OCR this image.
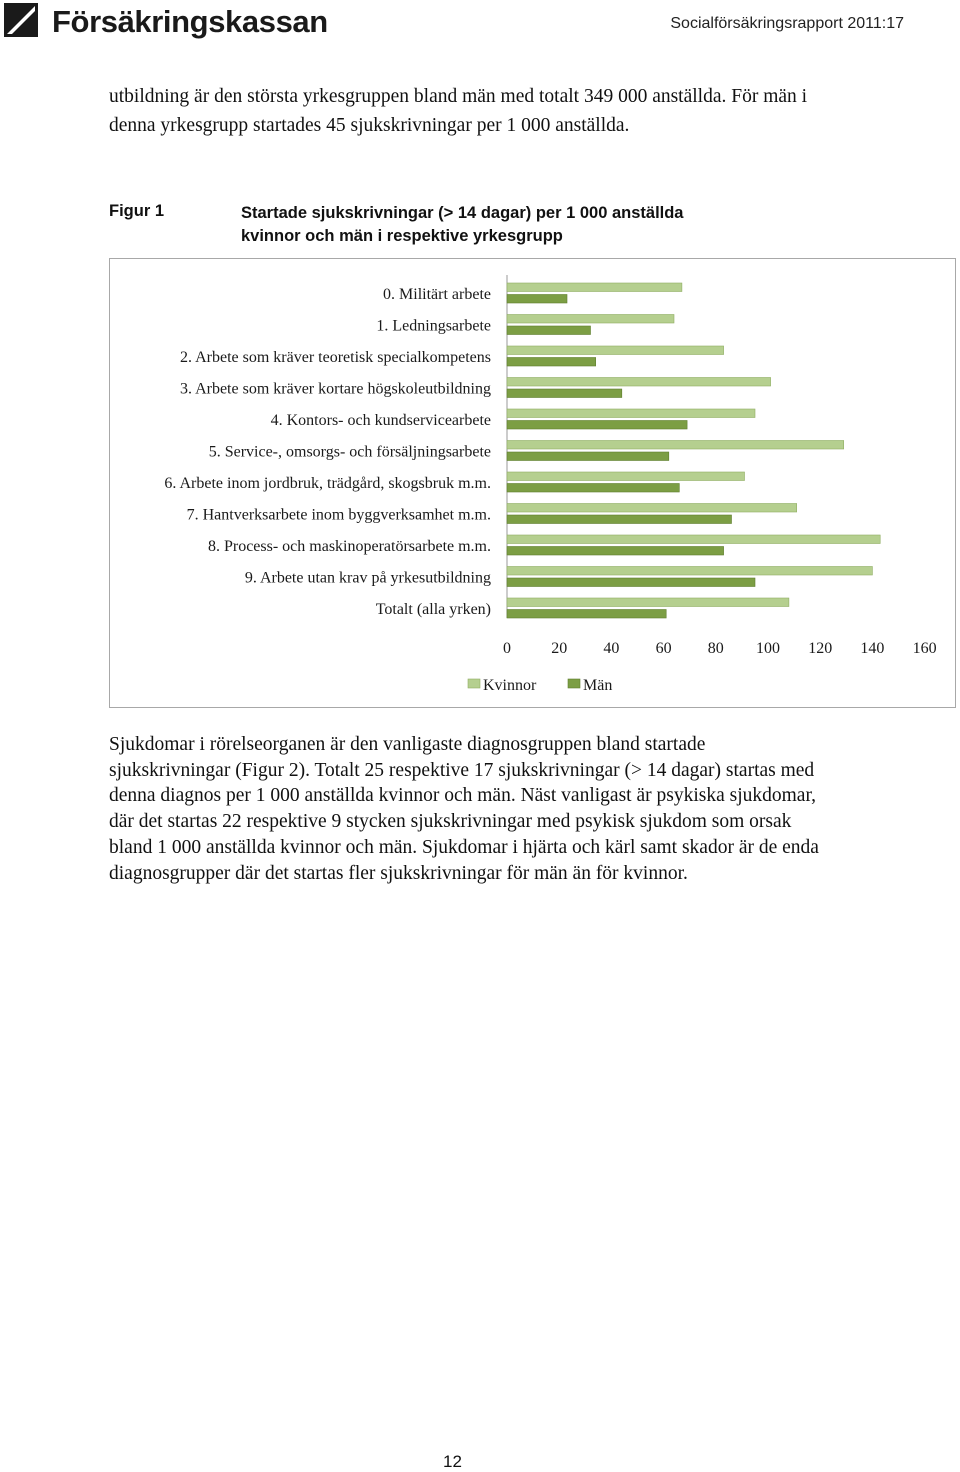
Försäkringskassan	Socialförsäkringsrapport 2011:17

utbildning är den största yrkesgruppen bland män med totalt 349 000 anställda. För män i denna yrkesgrupp startades 45 sjukskrivningar per 1 000 anställda.

Figur 1	Startade sjukskrivningar (> 14 dagar) per 1 000 anställda
kvinnor och män i respektive yrkesgrupp

0. Militärt arbete
1. Ledningsarbete
2. Arbete som kräver teoretisk specialkompetens
3. Arbete som kräver kortare högskoleutbildning
4. Kontors- och kundservicearbete
5. Service-, omsorgs- och försäljningsarbete
6. Arbete inom jordbruk, trädgård, skogsbruk m.m.
7. Hantverksarbete inom byggverksamhet m.m.
8. Process- och maskinoperatörsarbete m.m.
9. Arbete utan krav på yrkesutbildning
Totalt (alla yrken)
0	20 40 60 80 100 120 140 160
Kvinnor	Män

Sjukdomar i rörelseorganen är den vanligaste diagnosgruppen bland startade sjukskrivningar (Figur 2). Totalt 25 respektive 17 sjukskrivningar (> 14 dagar) startas med denna diagnos per 1 000 anställda kvinnor och män. Näst vanligast är psykiska sjukdomar, där det startas 22 respektive 9 stycken sjukskrivningar med psykisk sjukdom som orsak bland 1 000 anställda kvinnor och män. Sjukdomar i hjärta och kärl samt skador är de enda diagnosgrupper där det startas fler sjukskrivningar för män än för kvinnor.

12
